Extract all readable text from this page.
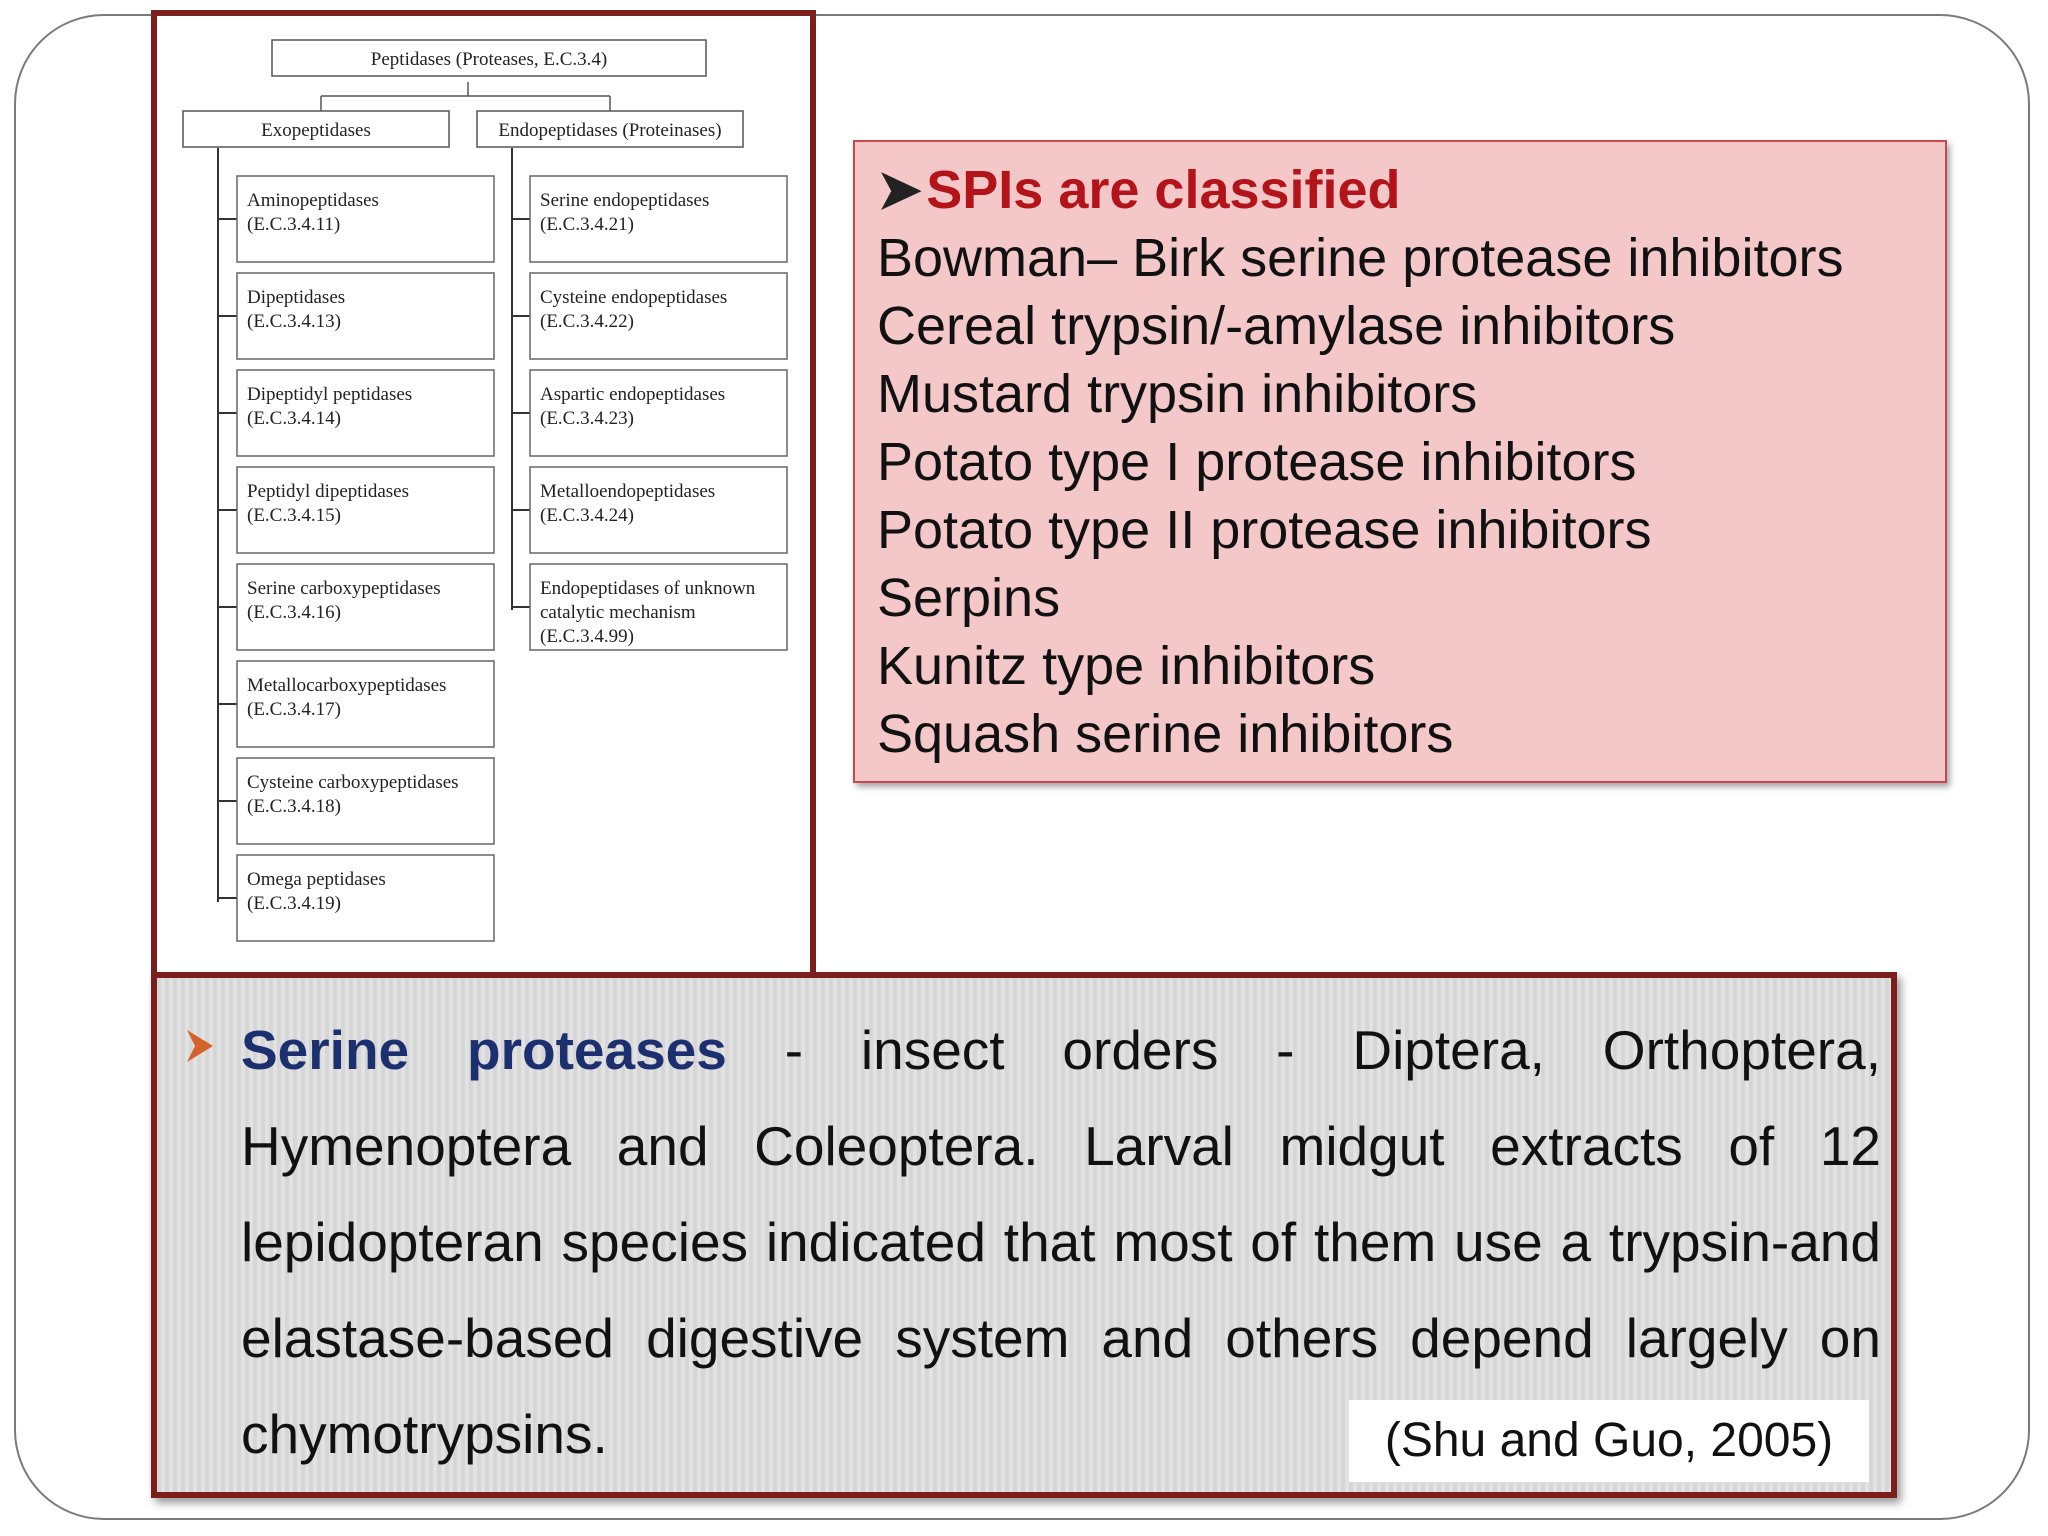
Peptidases (Proteases, E.C.3.4)
Exopeptidases	Endopeptidases (Proteinases)
Aminopeptidases
(E.C.3.4.11)
Dipeptidases
(E.C.3.4.13)
Dipeptidyl peptidases
(E.C.3.4.14)
Peptidyl dipeptidases
(E.C.3.4.15)
Serine carboxypeptidases
(E.C.3.4.16)
Metallocarboxypeptidases
(E.C.3.4.17)
Cysteine carboxypeptidases
(E.C.3.4.18)
Omega peptidases
(E.C.3.4.19)
Serine endopeptidases
(E.C.3.4.21)
Cysteine endopeptidases
(E.C.3.4.22)
Aspartic endopeptidases
(E.C.3.4.23)
Metalloendopeptidases
(E.C.3.4.24)
Endopeptidases of unknown
catalytic mechanism
(E.C.3.4.99)
➤ SPIs are classified
Bowman– Birk serine protease inhibitors
Cereal trypsin/-amylase inhibitors
Mustard trypsin inhibitors
Potato type I protease inhibitors
Potato type II protease inhibitors
Serpins
Kunitz type inhibitors
Squash serine inhibitors
Serine proteases - insect orders - Diptera, Orthoptera, Hymenoptera and Coleoptera. Larval midgut extracts of 12 lepidopteran species indicated that most of them use a trypsin-and elastase-based digestive system and others depend largely on chymotrypsins.	(Shu and Guo, 2005)
